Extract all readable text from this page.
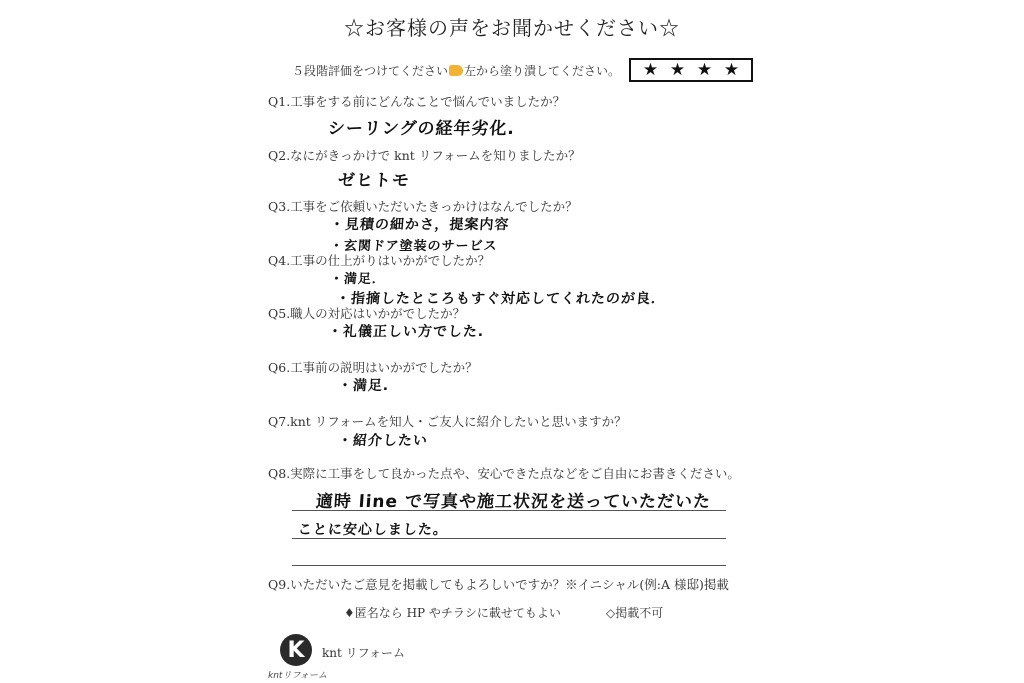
☆お客様の声をお聞かせください☆
５段階評価をつけてください 左から塗り潰してください。 ★ ★ ★ ★
Q1.工事をする前にどんなことで悩んでいましたか？
シーリングの経年劣化.
Q2.なにがきっかけで knt リフォームを知りましたか？
ゼヒトモ
Q3.工事をご依頼いただいたきっかけはなんでしたか？
・見積の細かさ，提案内容
・玄関ドア塗装のサービス
Q4.工事の仕上がりはいかがでしたか？
・満足．
・指摘したところもすぐ対応してくれたのが良．
Q5.職人の対応はいかがでしたか？
・礼儀正しい方でした.
Q6.工事前の説明はいかがでしたか？
・満足.
Q7.knt リフォームを知人・ご友人に紹介したいと思いますか？
・紹介したい
Q8.実際に工事をして良かった点や、安心できた点などをご自由にお書きください。
適時 line で写真や施工状況を送っていただいた
ことに安心しました。
Q9.いただいたご意見を掲載してもよろしいですか？※イニシャル(例:A 様邸)掲載
♦匿名なら HP やチラシに載せてもよい	◇掲載不可
K	knt リフォーム
kntリフォーム
